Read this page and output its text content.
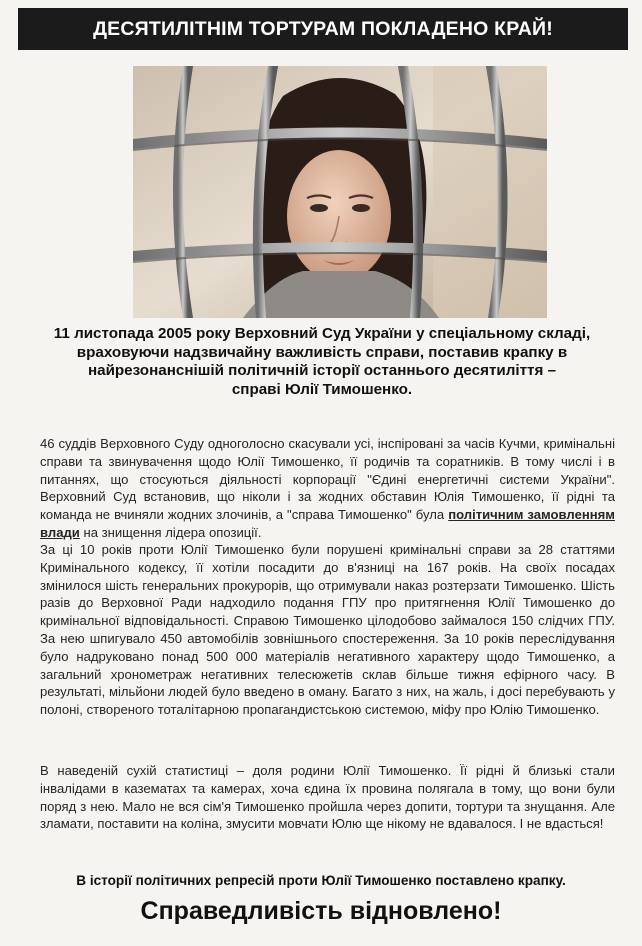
ДЕСЯТИЛІТНІМ ТОРТУРАМ ПОКЛАДЕНО КРАЙ!
11 листопада 2005 року Верховний Суд України у спеціальному складі,
враховуючи надзвичайну важливість справи, поставив крапку в
найрезонанснішій політичній історії останнього десятиліття –
справі Юлії Тимошенко.
46 суддів Верховного Суду одноголосно скасували усі, інспіровані за часів Кучми, кримінальні справи та звинувачення щодо Юлії Тимошенко, її родичів та соратників. В тому числі і в питаннях, що стосуються діяльності корпорації "Єдині енергетичні системи України". Верховний Суд встановив, що ніколи і за жодних обставин Юлія Тимошенко, її рідні та команда не вчиняли жодних злочинів, а "справа Тимошенко" була політичним замовленням влади на знищення лідера опозиції.
За ці 10 років проти Юлії Тимошенко були порушені кримінальні справи за 28 статтями Кримінального кодексу, її хотіли посадити до в'язниці на 167 років. На своїх посадах змінилося шість генеральних прокурорів, що отримували наказ розтерзати Тимошенко. Шість разів до Верховної Ради надходило подання ГПУ про притягнення Юлії Тимошенко до кримінальної відповідальності. Справою Тимошенко цілодобово займалося 150 слідчих ГПУ. За нею шпигувало 450 автомобілів зовнішнього спостереження. За 10 років переслідування було надруковано понад 500 000 матеріалів негативного характеру щодо Тимошенко, а загальний хронометраж негативних телесюжетів склав більше тижня ефірного часу. В результаті, мільйони людей було введено в оману. Багато з них, на жаль, і досі перебувають у полоні, створеного тоталітарною пропагандистською системою, міфу про Юлію Тимошенко.
В наведеній сухій статистиці – доля родини Юлії Тимошенко. Її рідні й близькі стали інвалідами в казематах та камерах, хоча єдина їх провина полягала в тому, що вони були поряд з нею. Мало не вся сім'я Тимошенко пройшла через допити, тортури та знущання. Але зламати, поставити на коліна, змусити мовчати Юлю ще нікому не вдавалося. І не вдасться!
В історії політичних репресій проти Юлії Тимошенко поставлено крапку.
Справедливість відновлено!
